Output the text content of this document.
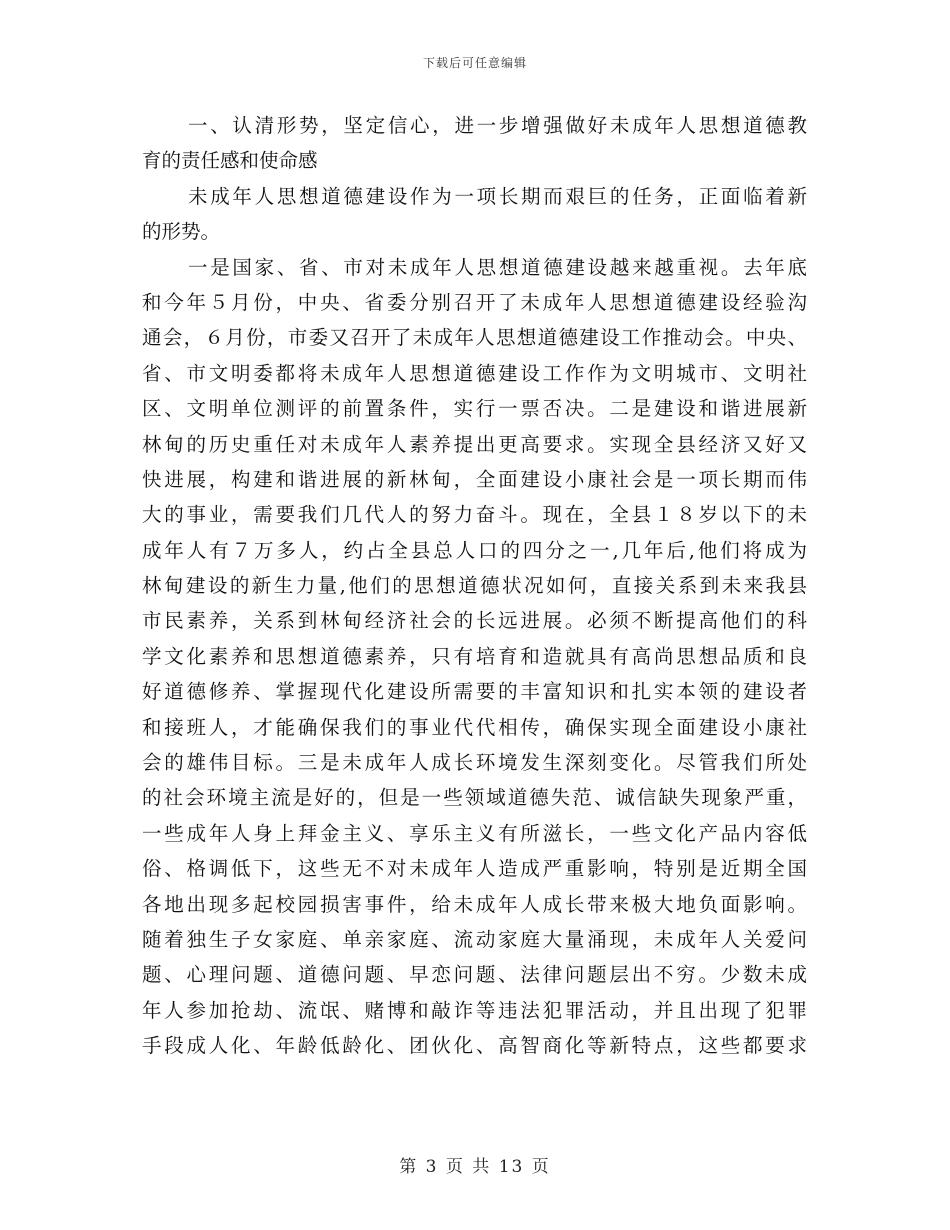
下载后可任意编辑
一、认清形势，坚定信心，进一步增强做好未成年人思想道德教
育的责任感和使命感
未成年人思想道德建设作为一项长期而艰巨的任务，正面临着新
的形势。
一是国家、省、市对未成年人思想道德建设越来越重视。去年底
和今年５月份，中央、省委分别召开了未成年人思想道德建设经验沟
通会，６月份，市委又召开了未成年人思想道德建设工作推动会。中央、
省、市文明委都将未成年人思想道德建设工作作为文明城市、文明社
区、文明单位测评的前置条件，实行一票否决。二是建设和谐进展新
林甸的历史重任对未成年人素养提出更高要求。实现全县经济又好又
快进展，构建和谐进展的新林甸，全面建设小康社会是一项长期而伟
大的事业，需要我们几代人的努力奋斗。现在，全县１８岁以下的未
成年人有７万多人，约占全县总人口的四分之一,几年后,他们将成为
林甸建设的新生力量,他们的思想道德状况如何，直接关系到未来我县
市民素养，关系到林甸经济社会的长远进展。必须不断提高他们的科
学文化素养和思想道德素养，只有培育和造就具有高尚思想品质和良
好道德修养、掌握现代化建设所需要的丰富知识和扎实本领的建设者
和接班人，才能确保我们的事业代代相传，确保实现全面建设小康社
会的雄伟目标。三是未成年人成长环境发生深刻变化。尽管我们所处
的社会环境主流是好的，但是一些领域道德失范、诚信缺失现象严重，
一些成年人身上拜金主义、享乐主义有所滋长，一些文化产品内容低
俗、格调低下，这些无不对未成年人造成严重影响，特别是近期全国
各地出现多起校园损害事件，给未成年人成长带来极大地负面影响。
随着独生子女家庭、单亲家庭、流动家庭大量涌现，未成年人关爱问
题、心理问题、道德问题、早恋问题、法律问题层出不穷。少数未成
年人参加抢劫、流氓、赌博和敲诈等违法犯罪活动，并且出现了犯罪
手段成人化、年龄低龄化、团伙化、高智商化等新特点，这些都要求
第 3 页 共 13 页
